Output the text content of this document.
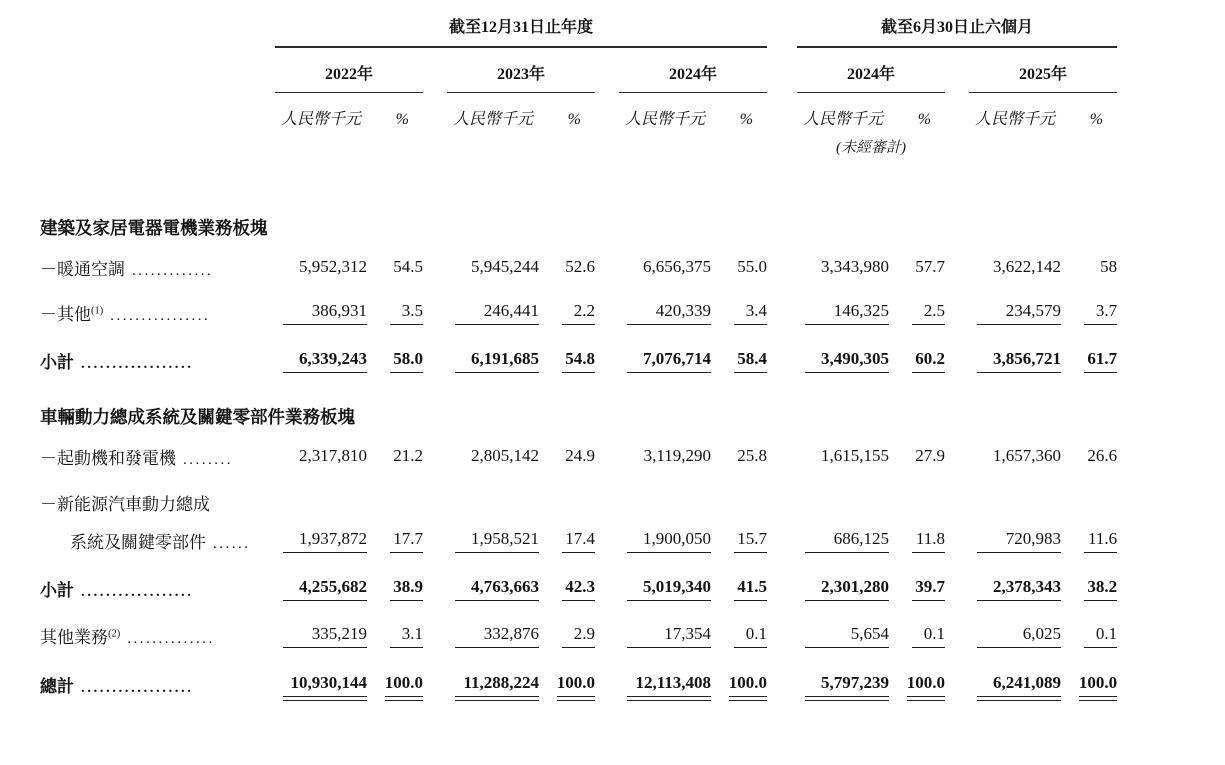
	截至12月31日止年度									截至6月30日止六個月				
	2022年			2023年			2024年			2024年			2025年	
	人民幣千元	%		人民幣千元	%		人民幣千元	%		人民幣千元	%		人民幣千元	%
										(未經審計)				
建築及家居電器電機業務板塊														
－暖通空調 .............	5,952,312	54.5		5,945,244	52.6		6,656,375	55.0		3,343,980	57.7		3,622,142	58
－其他$^{(1)}$ ................	386,931	3.5		246,441	2.2		420,339	3.4		146,325	2.5		234,579	3.7
小計 ..................	6,339,243	58.0		6,191,685	54.8		7,076,714	58.4		3,490,305	60.2		3,856,721	61.7
車輛動力總成系統及關鍵零部件業務板塊														
－起動機和發電機 ........	2,317,810	21.2		2,805,142	24.9		3,119,290	25.8		1,615,155	27.9		1,657,360	26.6
－新能源汽車動力總成														
系統及關鍵零部件 ......	1,937,872	17.7		1,958,521	17.4		1,900,050	15.7		686,125	11.8		720,983	11.6
小計 ..................	4,255,682	38.9		4,763,663	42.3		5,019,340	41.5		2,301,280	39.7		2,378,343	38.2
其他業務$^{(2)}$ ..............	335,219	3.1		332,876	2.9		17,354	0.1		5,654	0.1		6,025	0.1
總計 ..................	10,930,144	100.0		11,288,224	100.0		12,113,408	100.0		5,797,239	100.0		6,241,089	100.0
